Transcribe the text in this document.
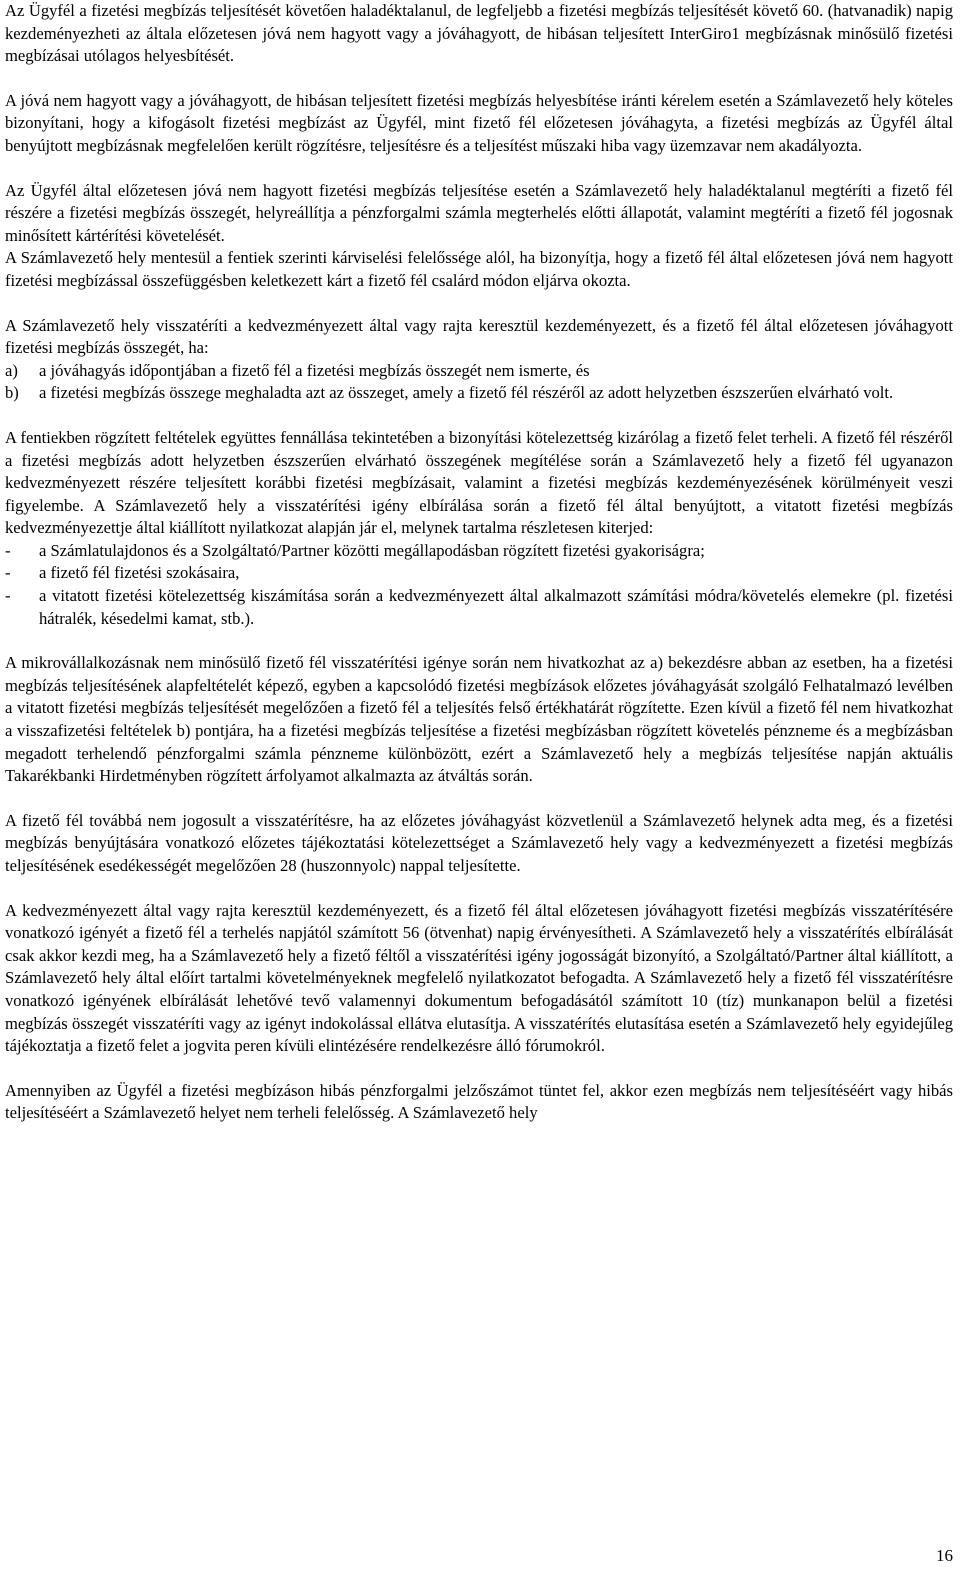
Az Ügyfél a fizetési megbízás teljesítését követően haladéktalanul, de legfeljebb a fizetési megbízás teljesítését követő 60. (hatvanadik) napig kezdeményezheti az általa előzetesen jóvá nem hagyott vagy a jóváhagyott, de hibásan teljesített InterGiro1 megbízásnak minősülő fizetési megbízásai utólagos helyesbítését.

A jóvá nem hagyott vagy a jóváhagyott, de hibásan teljesített fizetési megbízás helyesbítése iránti kérelem esetén a Számlavezető hely köteles bizonyítani, hogy a kifogásolt fizetési megbízást az Ügyfél, mint fizető fél előzetesen jóváhagyta, a fizetési megbízás az Ügyfél által benyújtott megbízásnak megfelelően került rögzítésre, teljesítésre és a teljesítést műszaki hiba vagy üzemzavar nem akadályozta.

Az Ügyfél által előzetesen jóvá nem hagyott fizetési megbízás teljesítése esetén a Számlavezető hely haladéktalanul megtéríti a fizető fél részére a fizetési megbízás összegét, helyreállítja a pénzforgalmi számla megterhelés előtti állapotát, valamint megtéríti a fizető fél jogosnak minősített kártérítési követelését.

A Számlavezető hely mentesül a fentiek szerinti kárviselési felelőssége alól, ha bizonyítja, hogy a fizető fél által előzetesen jóvá nem hagyott fizetési megbízással összefüggésben keletkezett kárt a fizető fél csalárd módon eljárva okozta.

A Számlavezető hely visszatéríti a kedvezményezett által vagy rajta keresztül kezdeményezett, és a fizető fél által előzetesen jóváhagyott fizetési megbízás összegét, ha:

a)	a jóváhagyás időpontjában a fizető fél a fizetési megbízás összegét nem ismerte, és
b)	a fizetési megbízás összege meghaladta azt az összeget, amely a fizető fél részéről az adott helyzetben észszerűen elvárható volt.

A fentiekben rögzített feltételek együttes fennállása tekintetében a bizonyítási kötelezettség kizárólag a fizető felet terheli. A fizető fél részéről a fizetési megbízás adott helyzetben észszerűen elvárható összegének megítélése során a Számlavezető hely a fizető fél ugyanazon kedvezményezett részére teljesített korábbi fizetési megbízásait, valamint a fizetési megbízás kezdeményezésének körülményeit veszi figyelembe. A Számlavezető hely a visszatérítési igény elbírálása során a fizető fél által benyújtott, a vitatott fizetési megbízás kedvezményezettje által kiállított nyilatkozat alapján jár el, melynek tartalma részletesen kiterjed:

-	a Számlatulajdonos és a Szolgáltató/Partner közötti megállapodásban rögzített fizetési gyakoriságra;
-	a fizető fél fizetési szokásaira,
-	a vitatott fizetési kötelezettség kiszámítása során a kedvezményezett által alkalmazott számítási módra/követelés elemekre (pl. fizetési hátralék, késedelmi kamat, stb.).

A mikrovállalkozásnak nem minősülő fizető fél visszatérítési igénye során nem hivatkozhat az a) bekezdésre abban az esetben, ha a fizetési megbízás teljesítésének alapfeltételét képező, egyben a kapcsolódó fizetési megbízások előzetes jóváhagyását szolgáló Felhatalmazó levélben a vitatott fizetési megbízás teljesítését megelőzően a fizető fél a teljesítés felső értékhatárát rögzítette. Ezen kívül a fizető fél nem hivatkozhat a visszafizetési feltételek b) pontjára, ha a fizetési megbízás teljesítése a fizetési megbízásban rögzített követelés pénzneme és a megbízásban megadott terhelendő pénzforgalmi számla pénzneme különbözött, ezért a Számlavezető hely a megbízás teljesítése napján aktuális Takarékbanki Hirdetményben rögzített árfolyamot alkalmazta az átváltás során.

A fizető fél továbbá nem jogosult a visszatérítésre, ha az előzetes jóváhagyást közvetlenül a Számlavezető helynek adta meg, és a fizetési megbízás benyújtására vonatkozó előzetes tájékoztatási kötelezettséget a Számlavezető hely vagy a kedvezményezett a fizetési megbízás teljesítésének esedékességét megelőzően 28 (huszonnyolc) nappal teljesítette.

A kedvezményezett által vagy rajta keresztül kezdeményezett, és a fizető fél által előzetesen jóváhagyott fizetési megbízás visszatérítésére vonatkozó igényét a fizető fél a terhelés napjától számított 56 (ötvenhat) napig érvényesítheti. A Számlavezető hely a visszatérítés elbírálását csak akkor kezdi meg, ha a Számlavezető hely a fizető féltől a visszatérítési igény jogosságát bizonyító, a Szolgáltató/Partner által kiállított, a Számlavezető hely által előírt tartalmi követelményeknek megfelelő nyilatkozatot befogadta. A Számlavezető hely a fizető fél visszatérítésre vonatkozó igényének elbírálását lehetővé tevő valamennyi dokumentum befogadásától számított 10 (tíz) munkanapon belül a fizetési megbízás összegét visszatéríti vagy az igényt indokolással ellátva elutasítja. A visszatérítés elutasítása esetén a Számlavezető hely egyidejűleg tájékoztatja a fizető felet a jogvita peren kívüli elintézésére rendelkezésre álló fórumokról.

Amennyiben az Ügyfél a fizetési megbízáson hibás pénzforgalmi jelzőszámot tüntet fel, akkor ezen megbízás nem teljesítéséért vagy hibás teljesítéséért a Számlavezető helyet nem terheli felelősség. A Számlavezető hely

16
